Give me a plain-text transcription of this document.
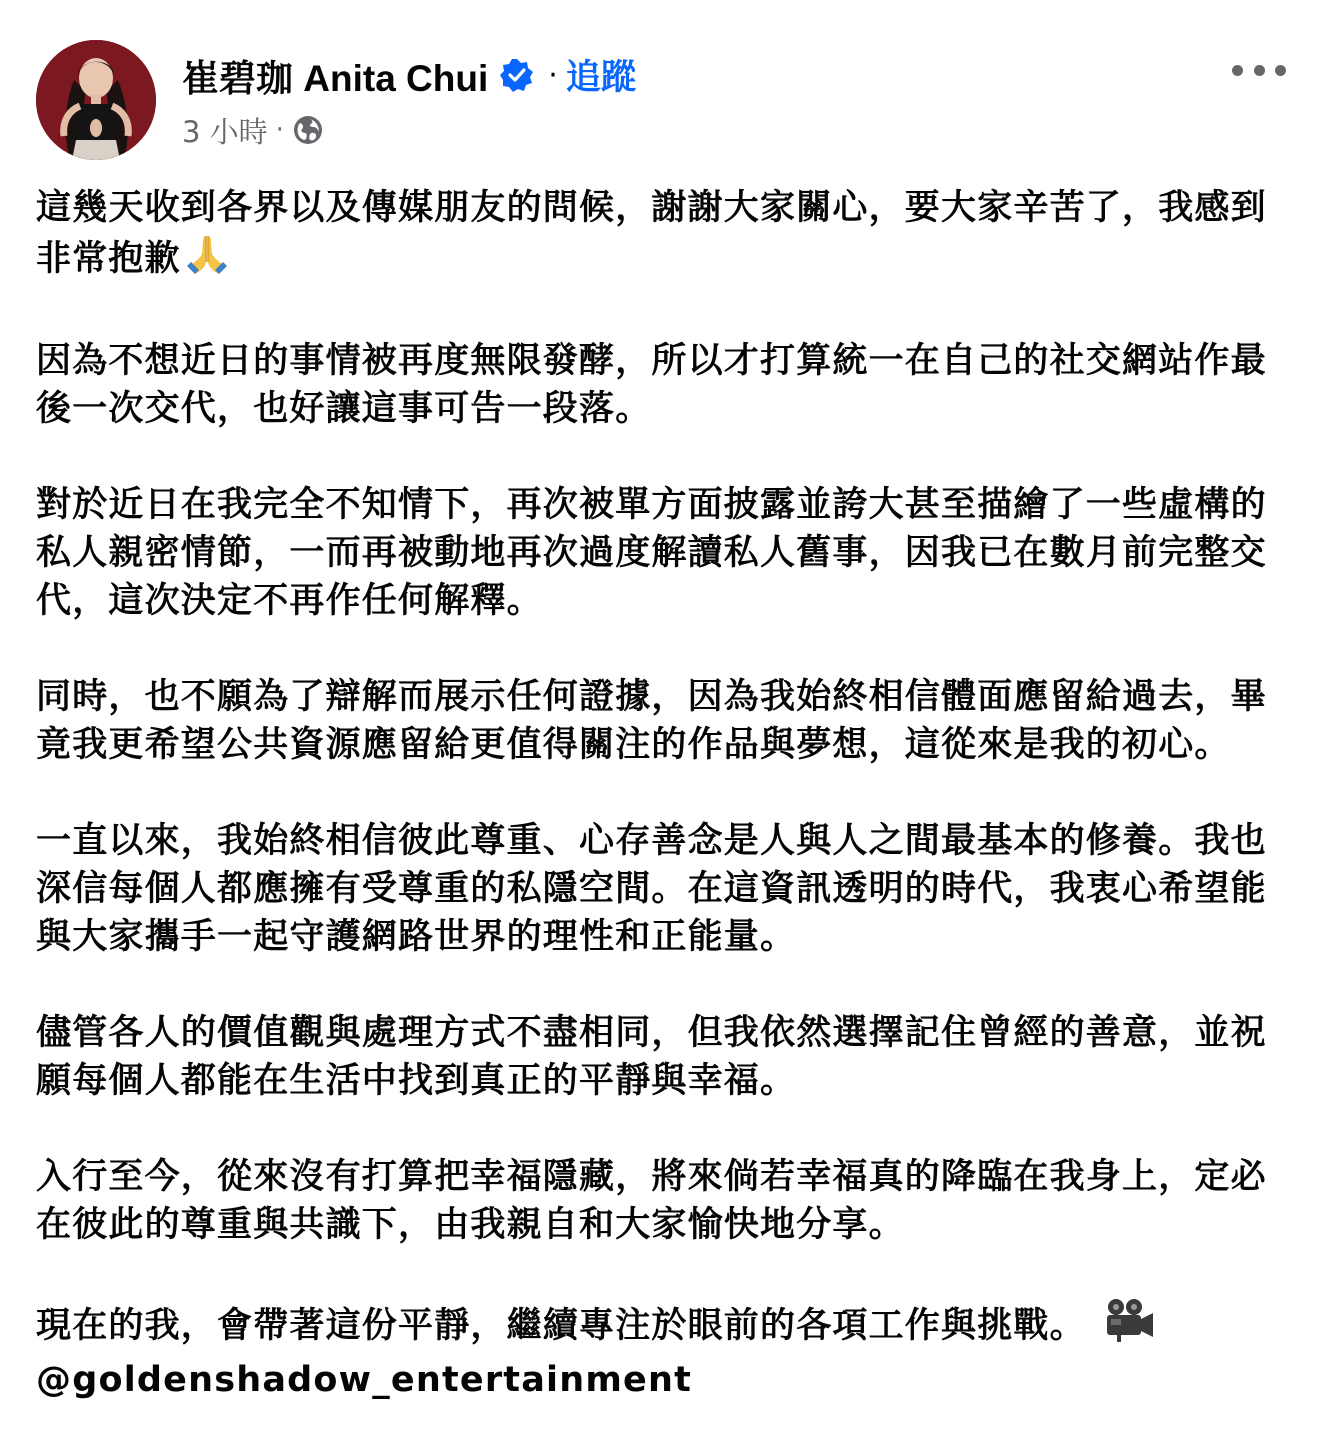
崔碧珈 Anita Chui · 追蹤
3 小時 ·

這幾天收到各界以及傳媒朋友的問候，謝謝大家關心，要大家辛苦了，我感到非常抱歉

因為不想近日的事情被再度無限發酵，所以才打算統一在自己的社交網站作最後一次交代，也好讓這事可告一段落。

對於近日在我完全不知情下，再次被單方面披露並誇大甚至描繪了一些虛構的私人親密情節，一而再被動地再次過度解讀私人舊事，因我已在數月前完整交代，這次決定不再作任何解釋。

同時，也不願為了辯解而展示任何證據，因為我始終相信體面應留給過去，畢竟我更希望公共資源應留給更值得關注的作品與夢想，這從來是我的初心。

一直以來，我始終相信彼此尊重、心存善念是人與人之間最基本的修養。我也深信每個人都應擁有受尊重的私隱空間。在這資訊透明的時代，我衷心希望能與大家攜手一起守護網路世界的理性和正能量。

儘管各人的價值觀與處理方式不盡相同，但我依然選擇記住曾經的善意，並祝願每個人都能在生活中找到真正的平靜與幸福。

入行至今，從來沒有打算把幸福隱藏，將來倘若幸福真的降臨在我身上，定必在彼此的尊重與共識下，由我親自和大家愉快地分享。

現在的我，會帶著這份平靜，繼續專注於眼前的各項工作與挑戰。
@goldenshadow_entertainment
